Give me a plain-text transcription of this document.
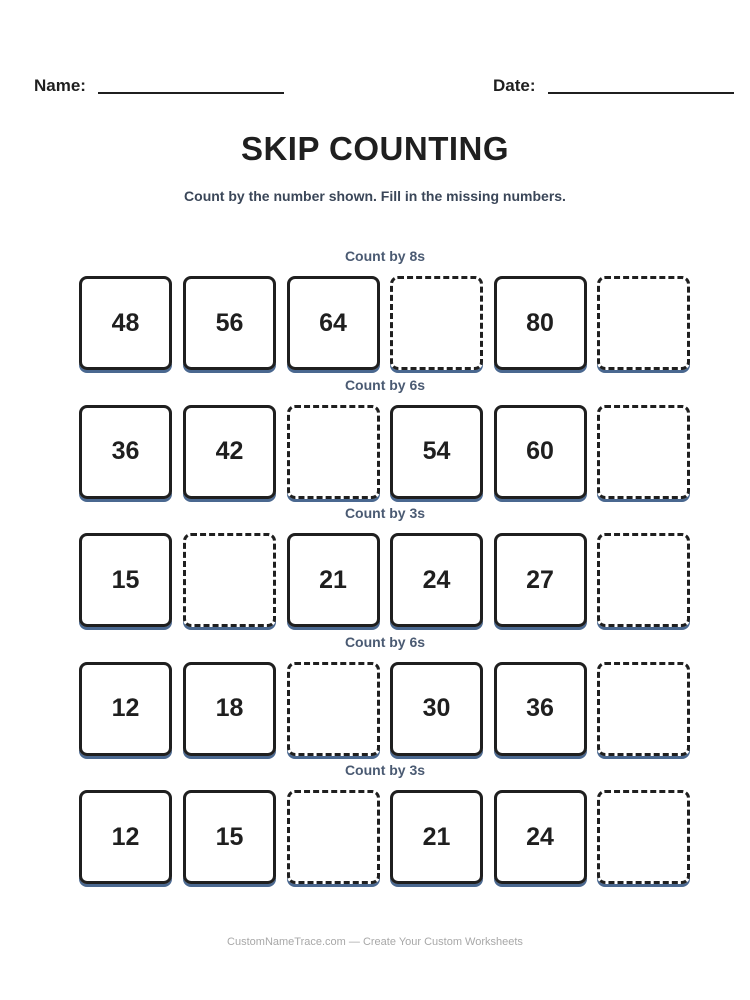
Name:	Date:
SKIP COUNTING
Count by the number shown. Fill in the missing numbers.
Count by 8s
48	56	64	80
Count by 6s
36	42	54	60
Count by 3s
15	21	24	27
Count by 6s
12	18	30	36
Count by 3s
12	15	21	24
CustomNameTrace.com — Create Your Custom Worksheets
